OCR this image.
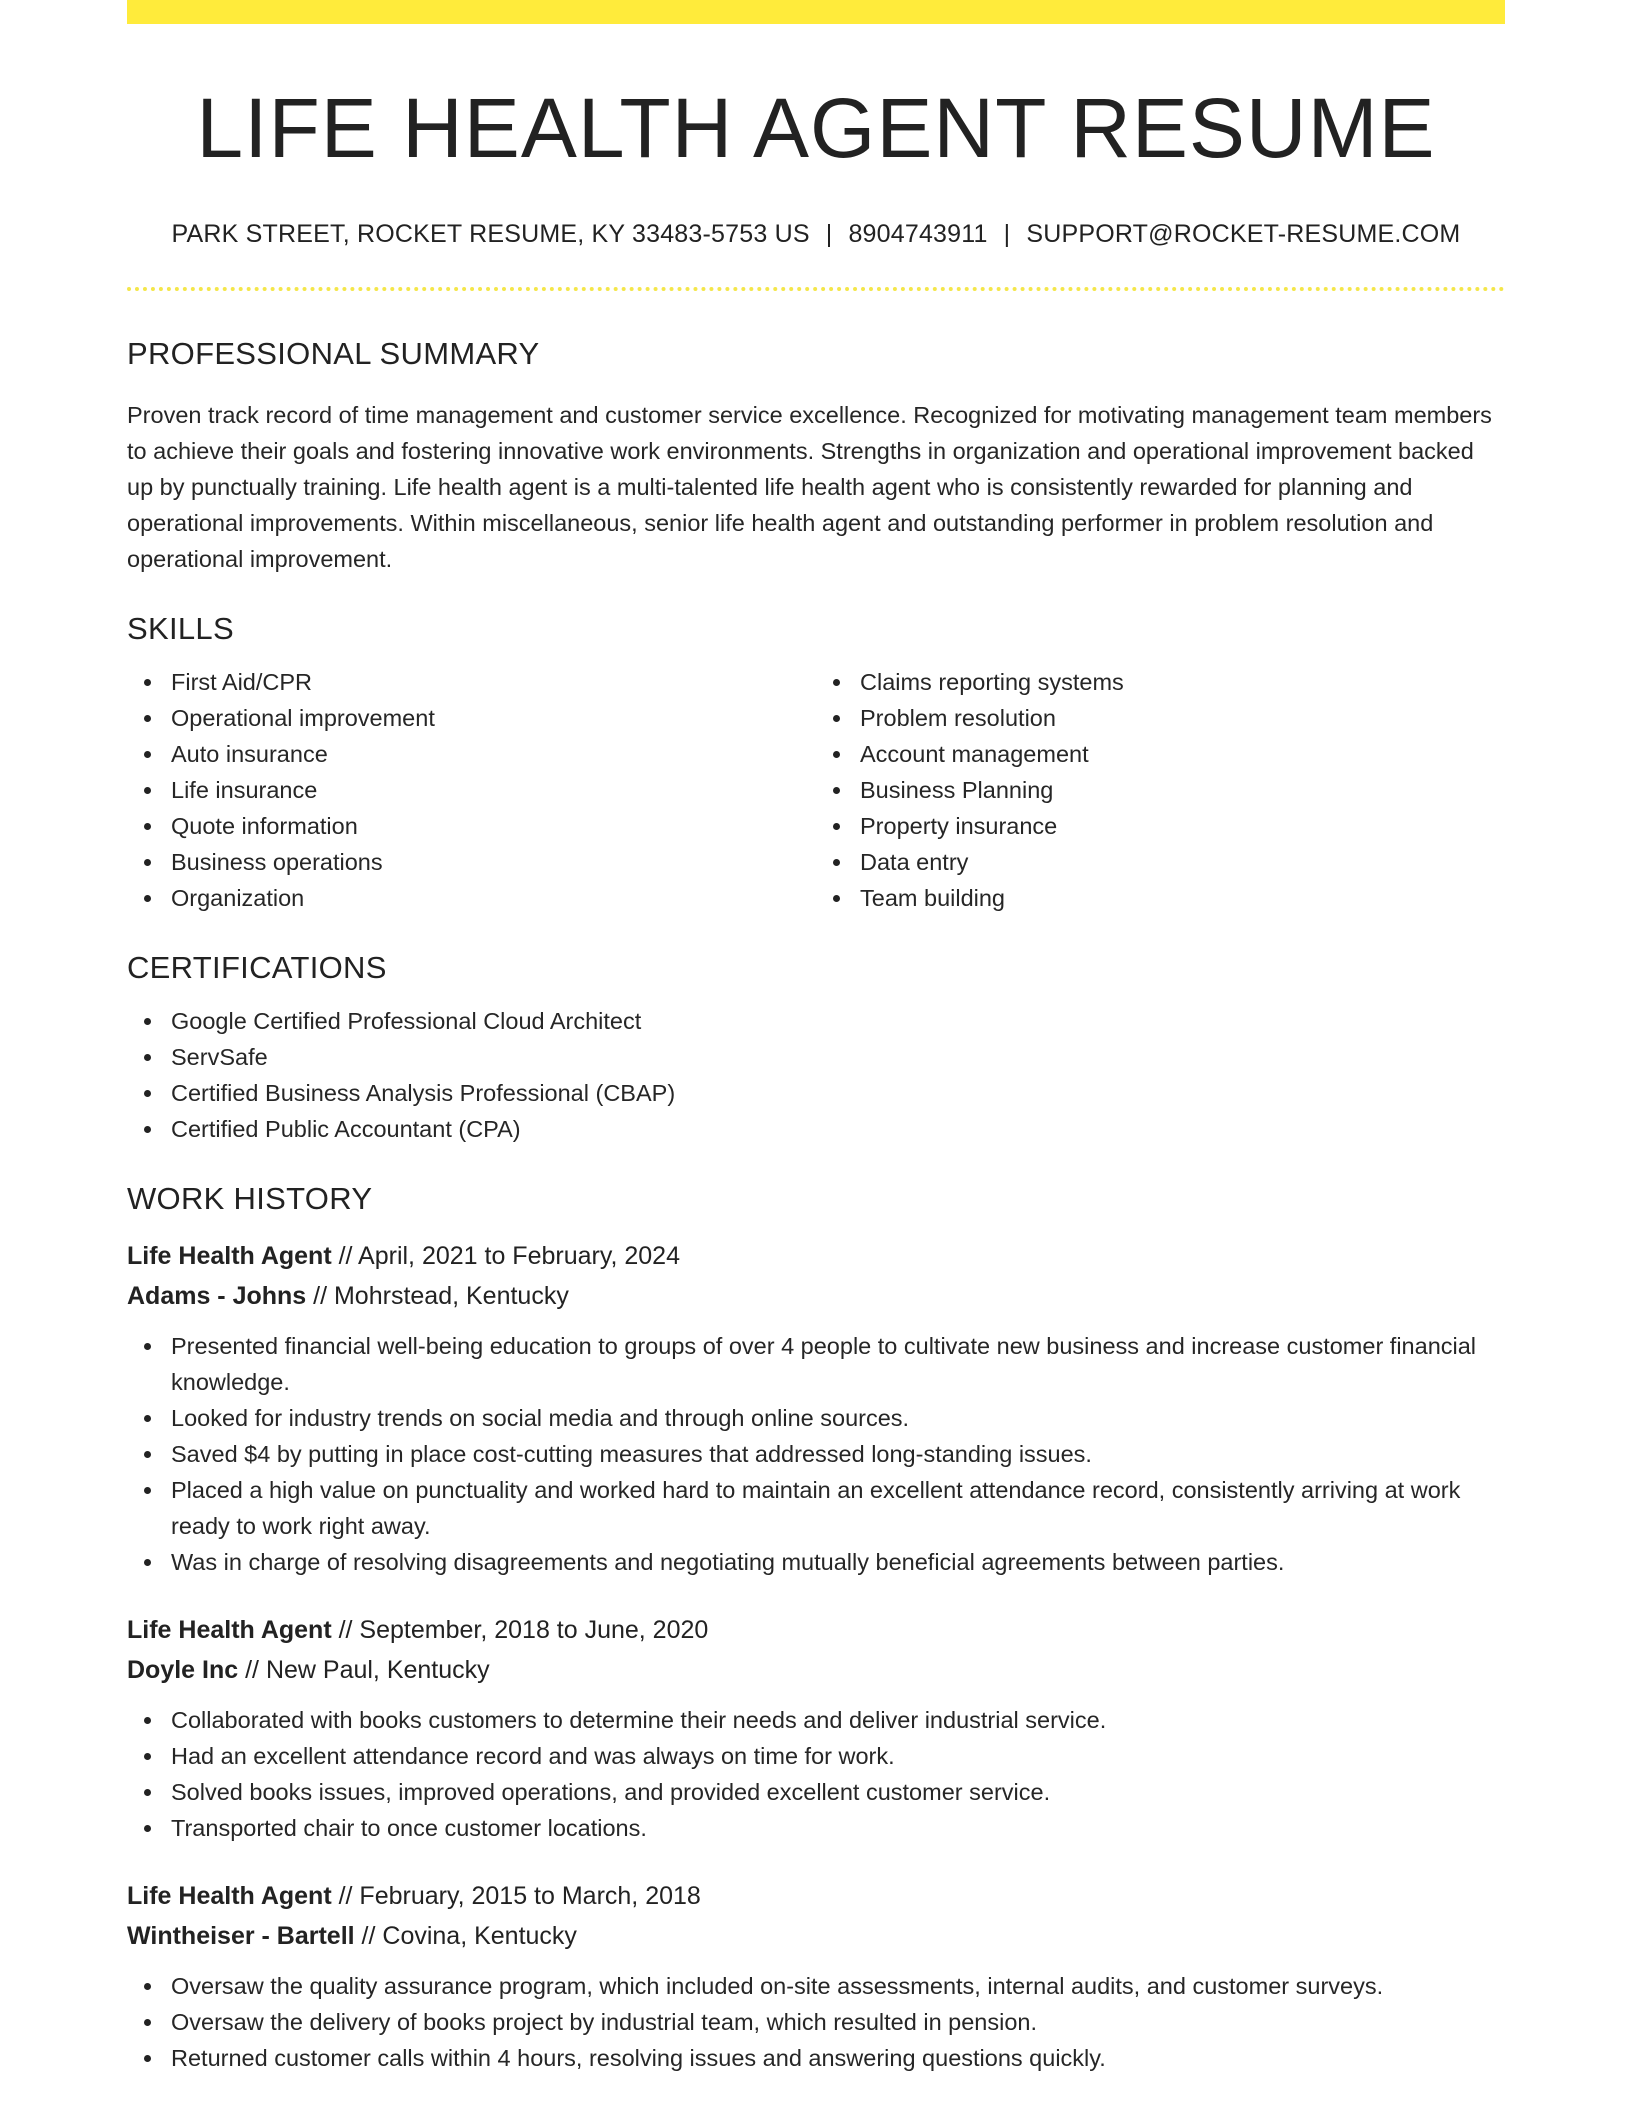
LIFE HEALTH AGENT RESUME
PARK STREET, ROCKET RESUME, KY 33483-5753 US | 8904743911 | SUPPORT@ROCKET-RESUME.COM
PROFESSIONAL SUMMARY

Proven track record of time management and customer service excellence. Recognized for motivating management team members to achieve their goals and fostering innovative work environments. Strengths in organization and operational improvement backed up by punctually training. Life health agent is a multi-talented life health agent who is consistently rewarded for planning and operational improvements. Within miscellaneous, senior life health agent and outstanding performer in problem resolution and operational improvement.

SKILLS
First Aid/CPR
Operational improvement
Auto insurance
Life insurance
Quote information
Business operations
Organization
Claims reporting systems
Problem resolution
Account management
Business Planning
Property insurance
Data entry
Team building
CERTIFICATIONS
Google Certified Professional Cloud Architect
ServSafe
Certified Business Analysis Professional (CBAP)
Certified Public Accountant (CPA)
WORK HISTORY
Life Health Agent // April, 2021 to February, 2024
Adams - Johns // Mohrstead, Kentucky
Presented financial well-being education to groups of over 4 people to cultivate new business and increase customer financial knowledge.
Looked for industry trends on social media and through online sources.
Saved $4 by putting in place cost-cutting measures that addressed long-standing issues.
Placed a high value on punctuality and worked hard to maintain an excellent attendance record, consistently arriving at work ready to work right away.
Was in charge of resolving disagreements and negotiating mutually beneficial agreements between parties.
Life Health Agent // September, 2018 to June, 2020
Doyle Inc // New Paul, Kentucky
Collaborated with books customers to determine their needs and deliver industrial service.
Had an excellent attendance record and was always on time for work.
Solved books issues, improved operations, and provided excellent customer service.
Transported chair to once customer locations.
Life Health Agent // February, 2015 to March, 2018
Wintheiser - Bartell // Covina, Kentucky
Oversaw the quality assurance program, which included on-site assessments, internal audits, and customer surveys.
Oversaw the delivery of books project by industrial team, which resulted in pension.
Returned customer calls within 4 hours, resolving issues and answering questions quickly.
